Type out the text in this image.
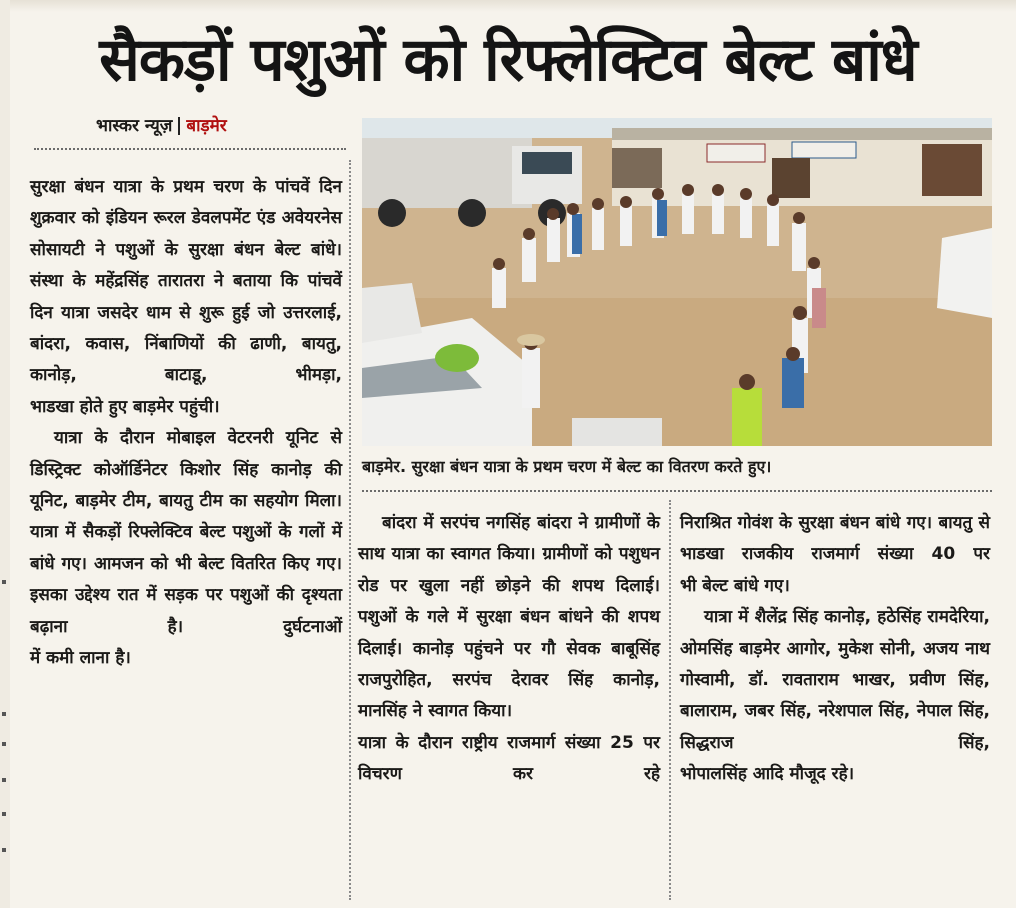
सैकड़ों पशुओं को रिफ्लेक्टिव बेल्ट बांधे
भास्कर न्यूज़ बाड़मेर
बाड़मेर. सुरक्षा बंधन यात्रा के प्रथम चरण में बेल्ट का वितरण करते हुए।

सुरक्षा बंधन यात्रा के प्रथम चरण के पांचवें दिन शुक्रवार को इंडियन रूरल डेवलपमेंट एंड अवेयरनेस सोसायटी ने पशुओं के सुरक्षा बंधन बेल्ट बांधे। संस्था के महेंद्रसिंह तारातरा ने बताया कि पांचवें दिन यात्रा जसदेर धाम से शुरू हुई जो उत्तरलाई, बांदरा, कवास, निंबाणियों की ढाणी, बायतु, कानोड़, बाटाडू, भीमड़ा,
भाडखा होते हुए बाड़मेर पहुंची।

यात्रा के दौरान मोबाइल वेटरनरी यूनिट से डिस्ट्रिक्ट कोऑर्डिनेटर किशोर सिंह कानोड़ की यूनिट, बाड़मेर टीम, बायतु टीम का सहयोग मिला। यात्रा में सैकड़ों रिफ्लेक्टिव बेल्ट पशुओं के गलों में बांधे गए। आमजन को भी बेल्ट वितरित किए गए। इसका उद्देश्य रात में सड़क पर पशुओं की दृश्यता बढ़ाना है। दुर्घटनाओं
में कमी लाना है।

बांदरा में सरपंच नगसिंह बांदरा ने ग्रामीणों के साथ यात्रा का स्वागत किया। ग्रामीणों को पशुधन रोड पर खुला नहीं छोड़ने की शपथ दिलाई। पशुओं के गले में सुरक्षा बंधन बांधने की शपथ दिलाई। कानोड़ पहुंचने पर गौ सेवक बाबूसिंह राजपुरोहित, सरपंच देरावर सिंह कानोड़,
मानसिंह ने स्वागत किया।

यात्रा के दौरान राष्ट्रीय राजमार्ग संख्या 25 पर विचरण कर रहे

निराश्रित गोवंश के सुरक्षा बंधन बांधे गए। बायतु से भाडखा राजकीय राजमार्ग संख्या 40 पर
भी बेल्ट बांधे गए।

यात्रा में शैलेंद्र सिंह कानोड़, हठेसिंह रामदेरिया, ओमसिंह बाड़मेर आगोर, मुकेश सोनी, अजय नाथ गोस्वामी, डॉ. रावताराम भाखर, प्रवीण सिंह, बालाराम, जबर सिंह, नरेशपाल सिंह, नेपाल सिंह, सिद्धराज सिंह,
भोपालसिंह आदि मौजूद रहे।
